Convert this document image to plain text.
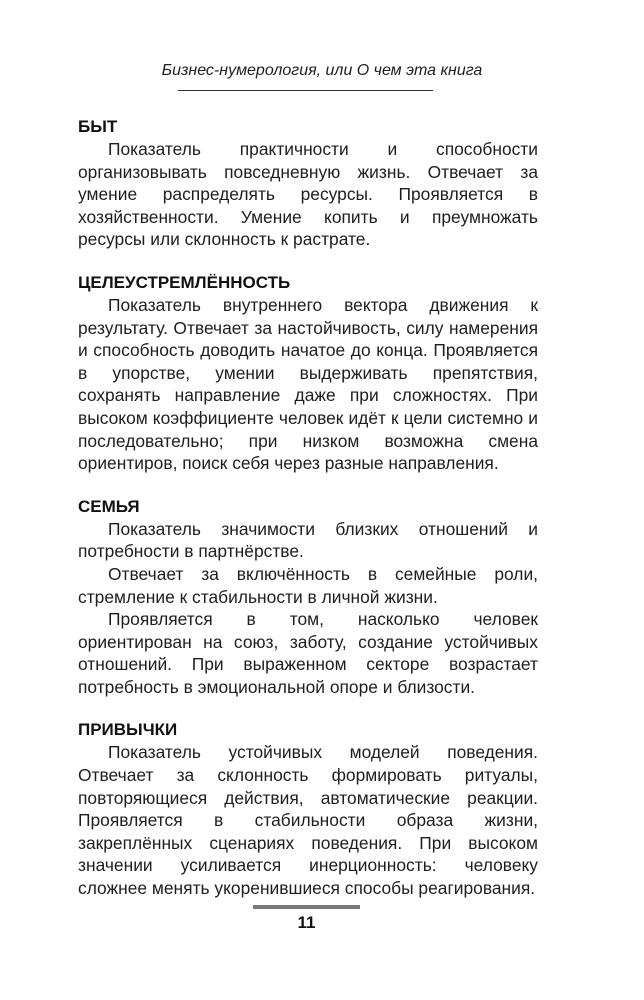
Бизнес-нумерология, или О чем эта книга
БЫТ

Показатель практичности и способности организовывать повседневную жизнь. Отвечает за умение распределять ресурсы. Проявляется в хозяйственности. Умение копить и преумножать ресурсы или склонность к растрате.

ЦЕЛЕУСТРЕМЛЁННОСТЬ

Показатель внутреннего вектора движения к результату. Отвечает за настойчивость, силу намерения и способность доводить начатое до конца. Проявляется в упорстве, умении выдерживать препятствия, сохранять направление даже при сложностях. При высоком коэффициенте человек идёт к цели системно и последовательно; при низком возможна смена ориентиров, поиск себя через разные направления.

СЕМЬЯ

Показатель значимости близких отношений и потребности в партнёрстве.

Отвечает за включённость в семейные роли, стремление к стабильности в личной жизни.

Проявляется в том, насколько человек ориентирован на союз, заботу, создание устойчивых отношений. При выраженном секторе возрастает потребность в эмоциональной опоре и близости.

ПРИВЫЧКИ

Показатель устойчивых моделей поведения. Отвечает за склонность формировать ритуалы, повторяющиеся действия, автоматические реакции. Проявляется в стабильности образа жизни, закреплённых сценариях поведения. При высоком значении усиливается инерционность: человеку сложнее менять укоренившиеся способы реагирования.

11
